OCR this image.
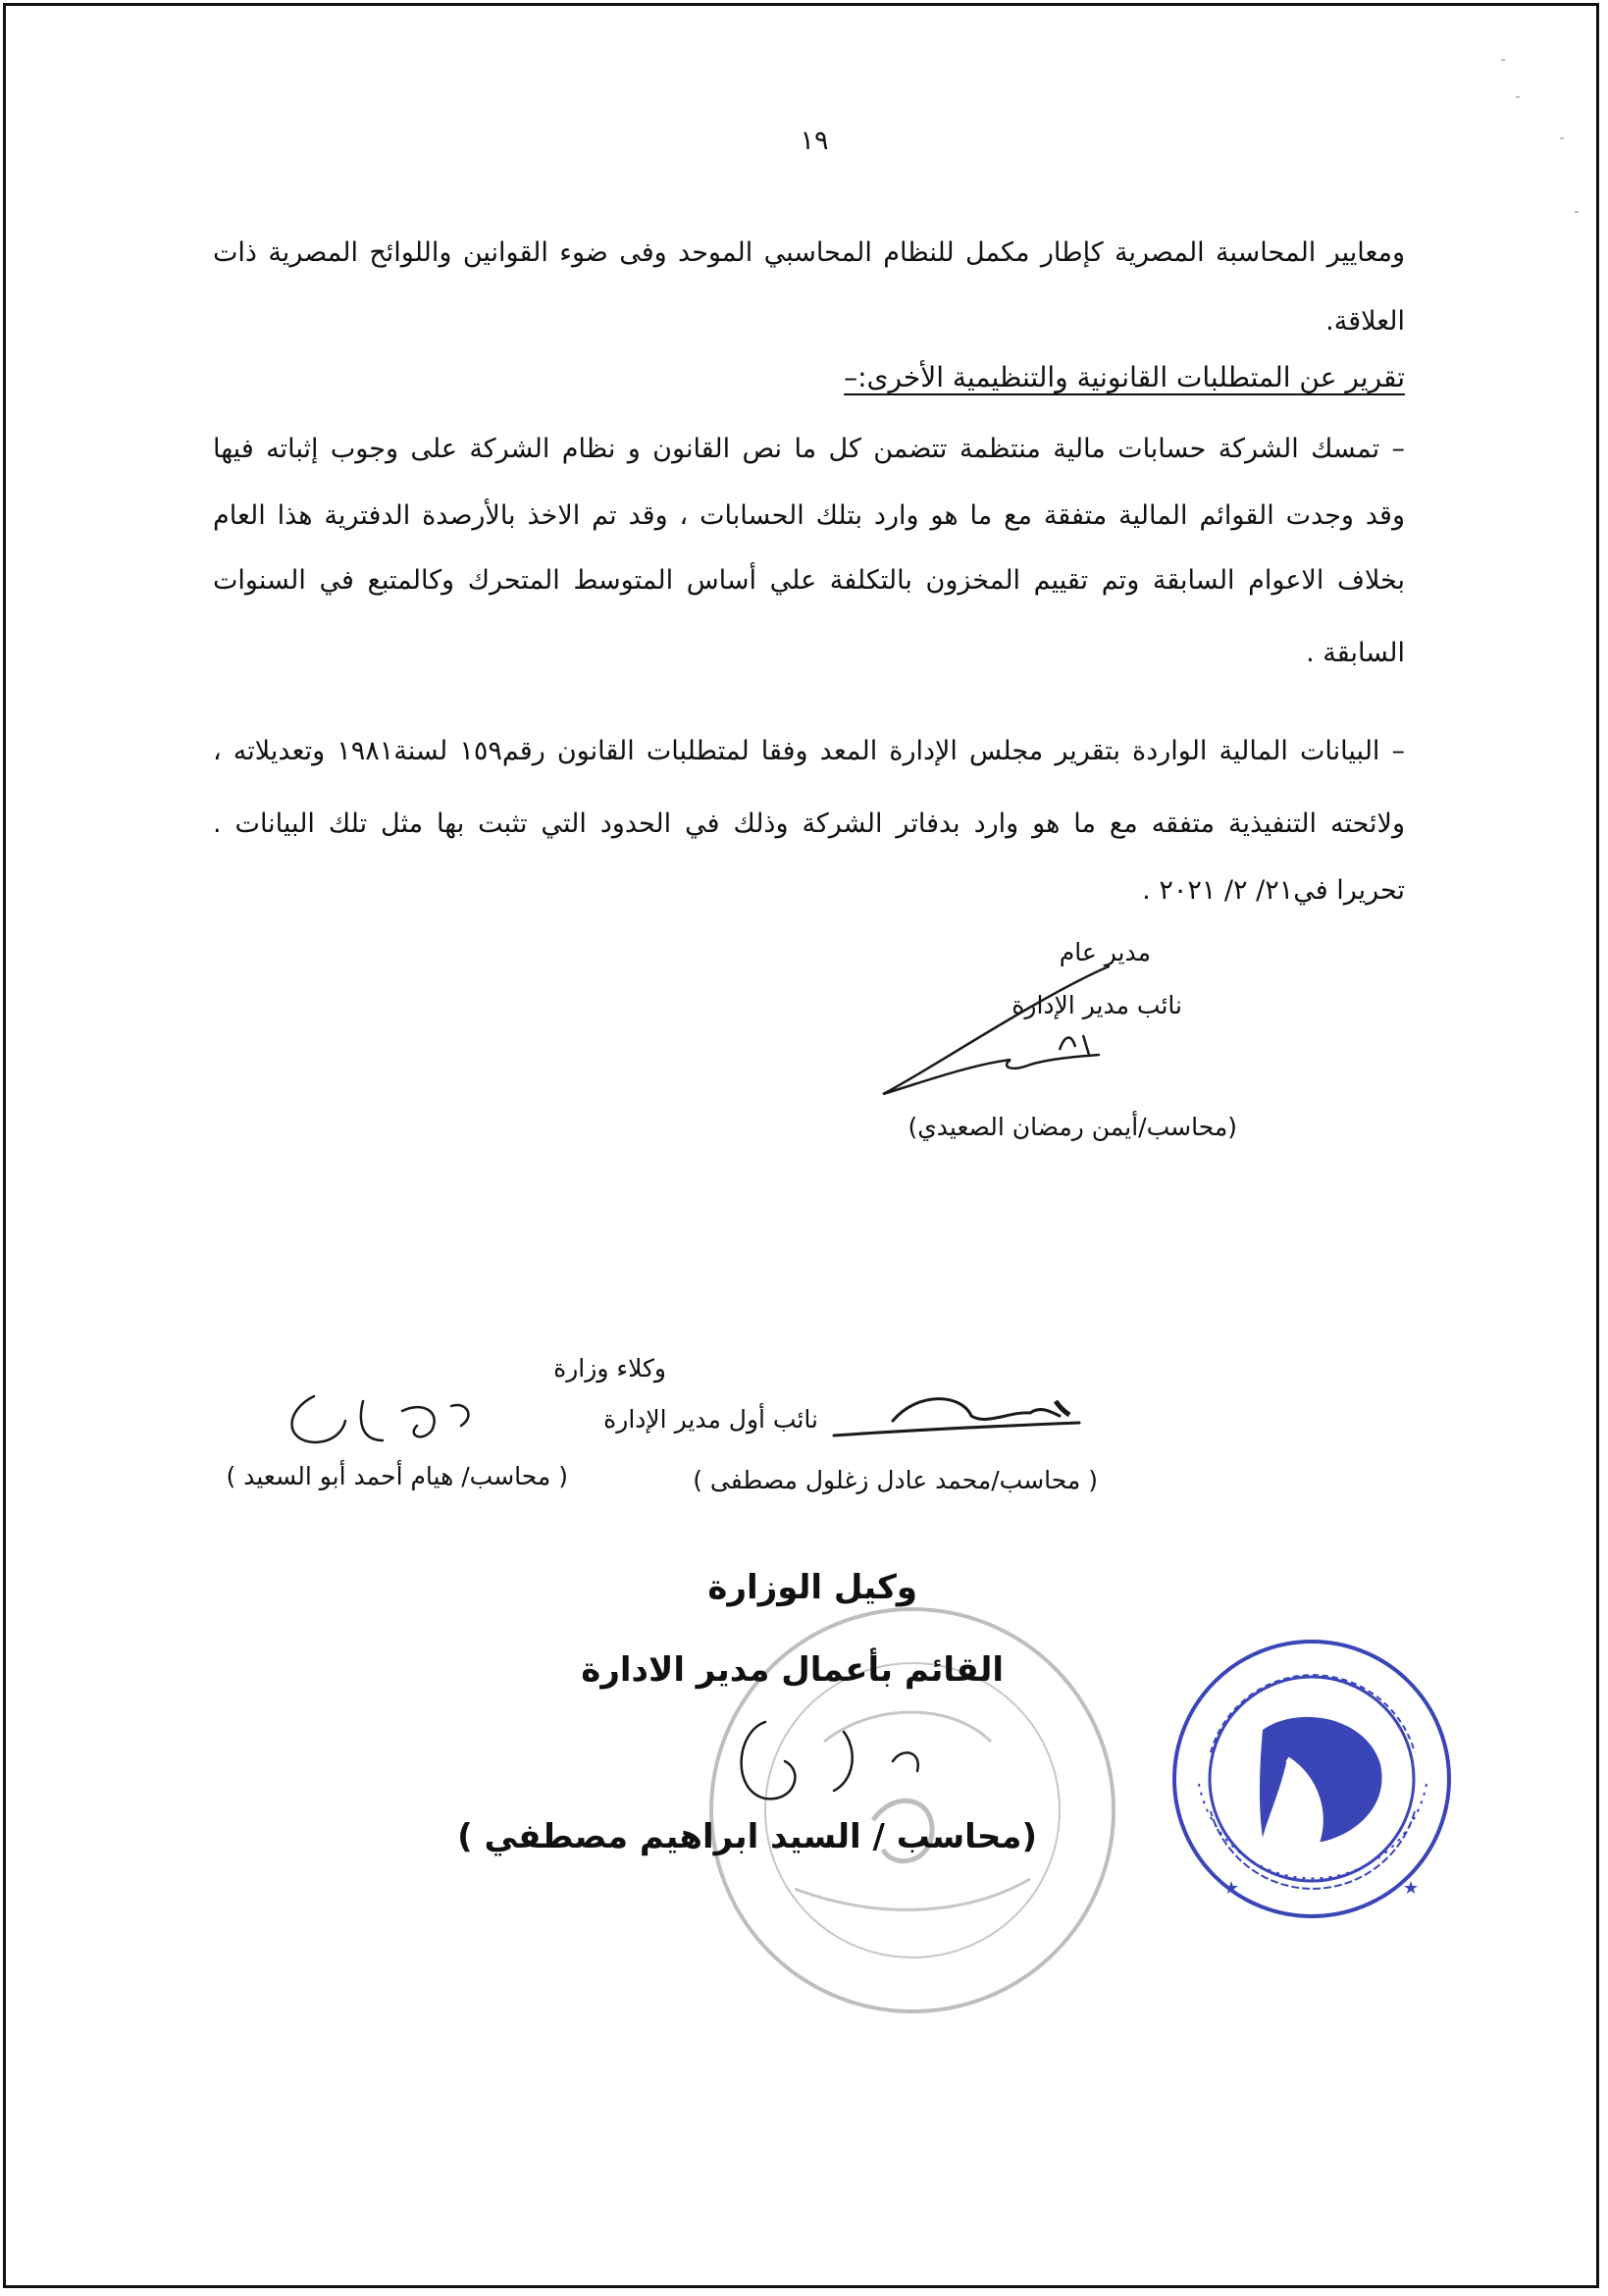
١٩
ومعايير المحاسبة المصرية كإطار مكمل للنظام المحاسبي الموحد وفى ضوء القوانين واللوائح المصرية ذات
العلاقة.
تقرير عن المتطلبات القانونية والتنظيمية الأخرى:–
– تمسك الشركة حسابات مالية منتظمة تتضمن كل ما نص القانون و نظام الشركة على وجوب إثباته فيها
وقد وجدت القوائم المالية متفقة مع ما هو وارد بتلك الحسابات ، وقد تم الاخذ بالأرصدة الدفترية هذا العام
بخلاف الاعوام السابقة وتم تقييم المخزون بالتكلفة علي أساس المتوسط المتحرك وكالمتبع في السنوات
السابقة .
– البيانات المالية الواردة بتقرير مجلس الإدارة المعد وفقا لمتطلبات القانون رقم١٥٩ لسنة١٩٨١ وتعديلاته ،
ولائحته التنفيذية متفقه مع ما هو وارد بدفاتر الشركة وذلك في الحدود التي تثبت بها مثل تلك البيانات .
تحريرا في٢١/ ٢/ ٢٠٢١ .
مدير عام
نائب مدير الإدارة
(محاسب/أيمن رمضان الصعيدي)
وكلاء وزارة
نائب أول مدير الإدارة
( محاسب/محمد عادل زغلول مصطفى )
( محاسب/ هيام أحمد أبو السعيد )
وكيل الوزارة
القائم بأعمال مدير الادارة
(محاسب / السيد ابراهيم مصطفي )
★	★
